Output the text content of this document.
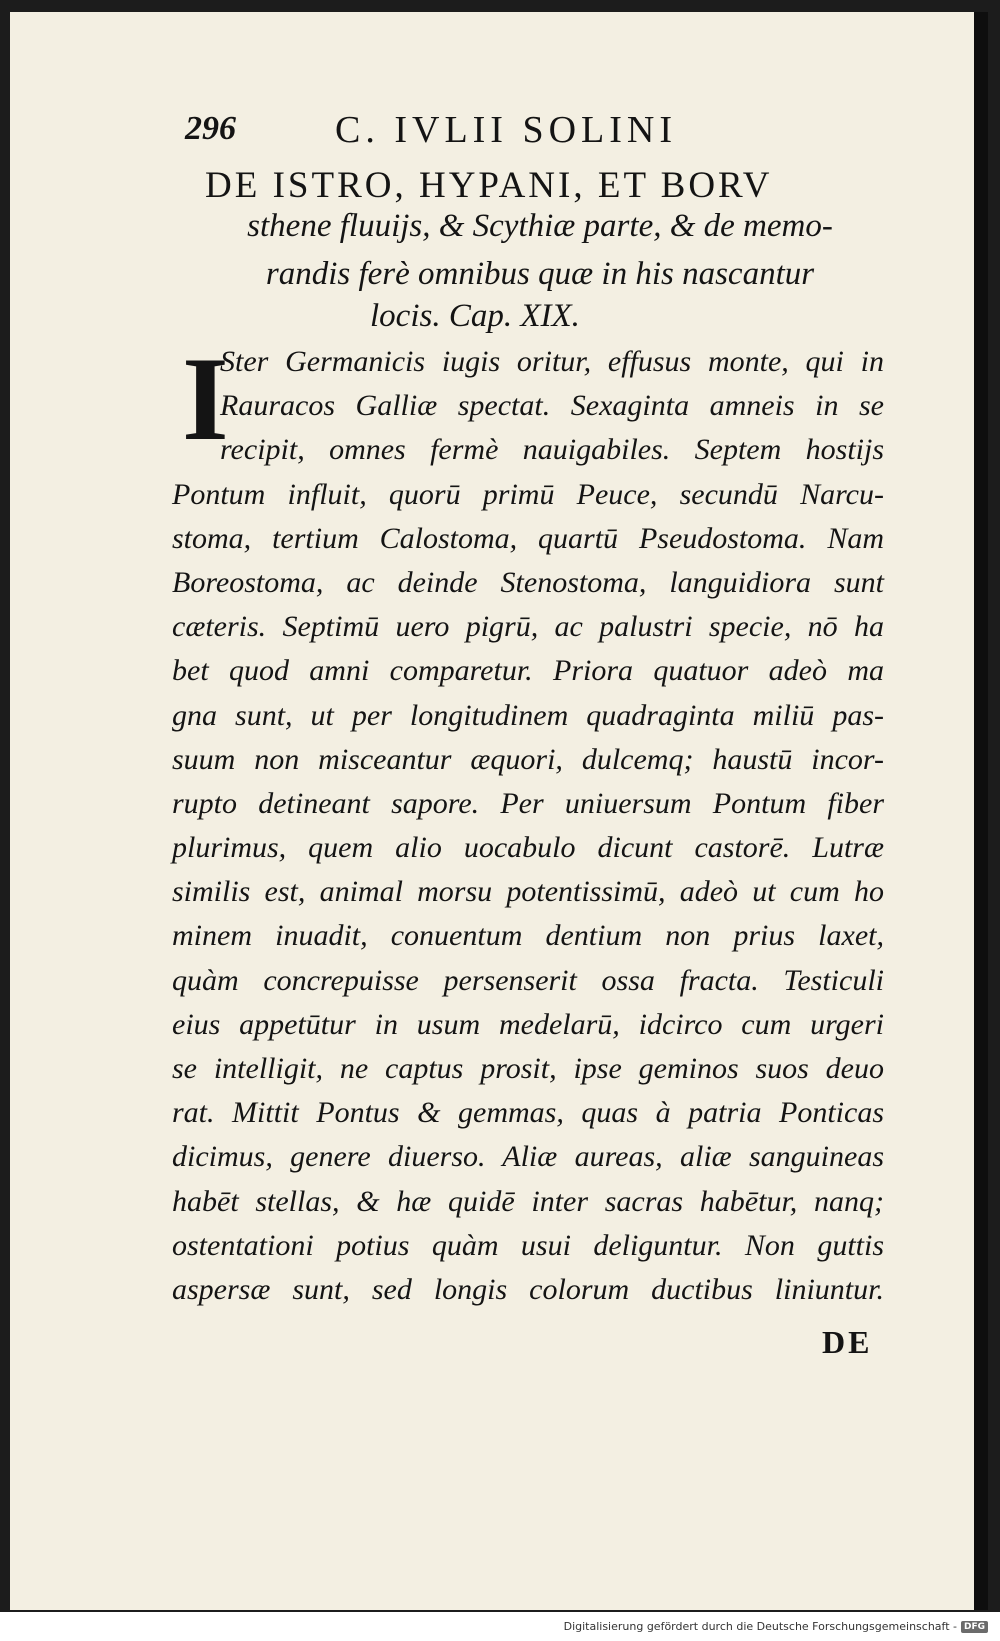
296	C. IVLII SOLINI
DE ISTRO, HYPANI, ET BORV
sthene fluuijs, & Scythiæ parte, & de memo-
randis ferè omnibus quæ in his nascantur
locis. Cap. XIX.
I
Ster Germanicis iugis oritur, effusus monte, qui in
Rauracos Galliæ spectat. Sexaginta amneis in se
recipit, omnes fermè nauigabiles. Septem hostijs
Pontum influit, quorū primū Peuce, secundū Narcu-
stoma, tertium Calostoma, quartū Pseudostoma. Nam
Boreostoma, ac deinde Stenostoma, languidiora sunt
cæteris. Septimū uero pigrū, ac palustri specie, nō ha
bet quod amni comparetur. Priora quatuor adeò ma
gna sunt, ut per longitudinem quadraginta miliū pas-
suum non misceantur æquori, dulcemq; haustū incor-
rupto detineant sapore. Per uniuersum Pontum fiber
plurimus, quem alio uocabulo dicunt castorē. Lutræ
similis est, animal morsu potentissimū, adeò ut cum ho
minem inuadit, conuentum dentium non prius laxet,
quàm concrepuisse persenserit ossa fracta. Testiculi
eius appetūtur in usum medelarū, idcirco cum urgeri
se intelligit, ne captus prosit, ipse geminos suos deuo
rat. Mittit Pontus & gemmas, quas à patria Ponticas
dicimus, genere diuerso. Aliæ aureas, aliæ sanguineas
habēt stellas, & hæ quidē inter sacras habētur, nanq;
ostentationi potius quàm usui deliguntur. Non guttis
aspersæ sunt, sed longis colorum ductibus liniuntur.
DE
Digitalisierung gefördert durch die Deutsche Forschungsgemeinschaft - DFG
